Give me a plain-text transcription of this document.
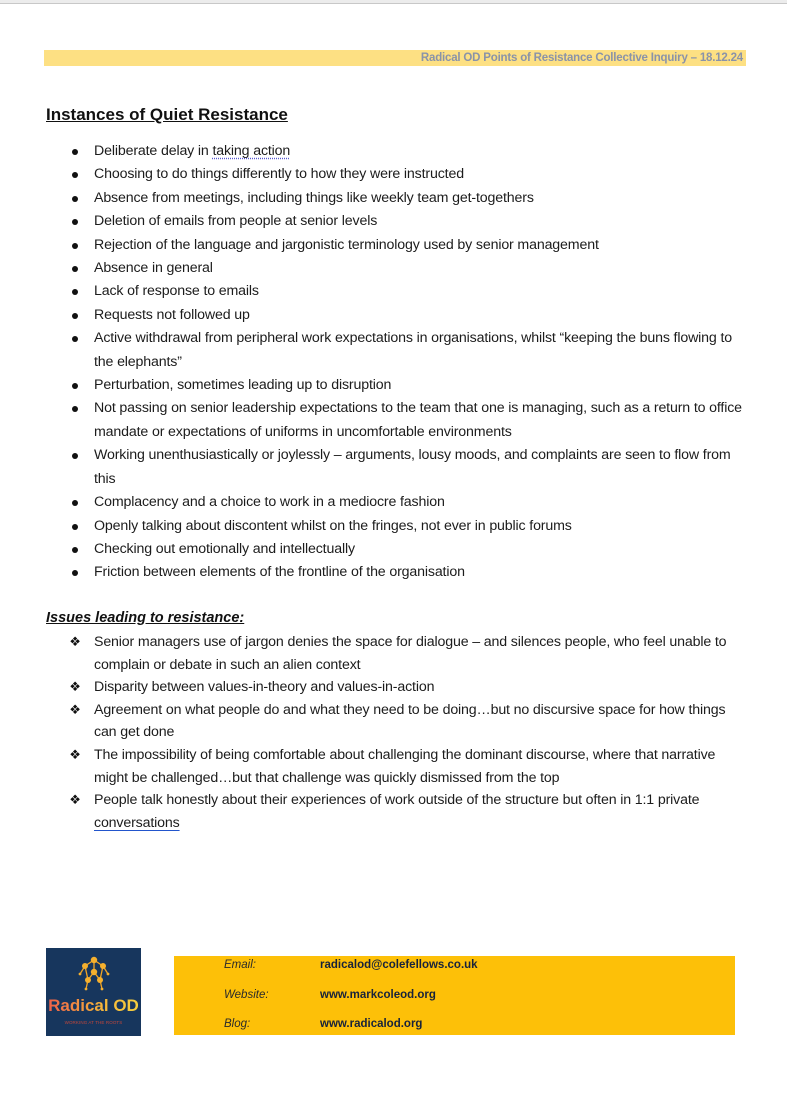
Radical OD Points of Resistance Collective Inquiry – 18.12.24
Instances of Quiet Resistance
Deliberate delay in taking action
Choosing to do things differently to how they were instructed
Absence from meetings, including things like weekly team get-togethers
Deletion of emails from people at senior levels
Rejection of the language and jargonistic terminology used by senior management
Absence in general
Lack of response to emails
Requests not followed up
Active withdrawal from peripheral work expectations in organisations, whilst “keeping the buns flowing to the elephants”
Perturbation, sometimes leading up to disruption
Not passing on senior leadership expectations to the team that one is managing, such as a return to office mandate or expectations of uniforms in uncomfortable environments
Working unenthusiastically or joylessly – arguments, lousy moods, and complaints are seen to flow from this
Complacency and a choice to work in a mediocre fashion
Openly talking about discontent whilst on the fringes, not ever in public forums
Checking out emotionally and intellectually
Friction between elements of the frontline of the organisation
Issues leading to resistance:
❖ Senior managers use of jargon denies the space for dialogue – and silences people, who feel unable to complain or debate in such an alien context
❖ Disparity between values-in-theory and values-in-action
❖ Agreement on what people do and what they need to be doing…but no discursive space for how things can get done
❖ The impossibility of being comfortable about challenging the dominant discourse, where that narrative might be challenged…but that challenge was quickly dismissed from the top
❖ People talk honestly about their experiences of work outside of the structure but often in 1:1 private conversations
Radical OD
WORKING AT THE ROOTS
Email:	radicalod@colefellows.co.uk
Website:	www.markcoleod.org
Blog:	www.radicalod.org
